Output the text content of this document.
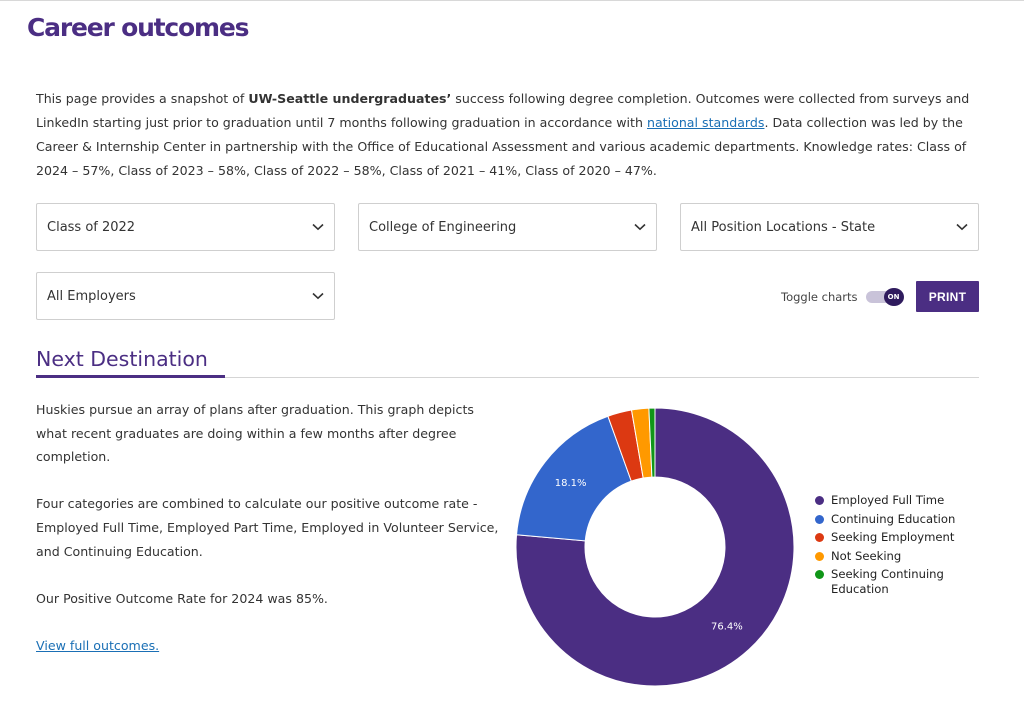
Career outcomes

This page provides a snapshot of UW-Seattle undergraduates’ success following degree completion. Outcomes were collected from surveys and LinkedIn starting just prior to graduation until 7 months following graduation in accordance with national standards. Data collection was led by the Career & Internship Center in partnership with the Office of Educational Assessment and various academic departments. Knowledge rates: Class of 2024 – 57%, Class of 2023 – 58%, Class of 2022 – 58%, Class of 2021 – 41%, Class of 2020 – 47%.

Class of 2022	College of Engineering	All Position Locations - State
All Employers	Toggle charts	ON	PRINT
Next Destination

Huskies pursue an array of plans after graduation. This graph depicts what recent graduates are doing within a few months after degree completion.

Four categories are combined to calculate our positive outcome rate - Employed Full Time, Employed Part Time, Employed in Volunteer Service, and Continuing Education.

Our Positive Outcome Rate for 2024 was 85%.

View full outcomes.

76.4%
18.1%
Employed Full Time
Continuing Education
Seeking Employment
Not Seeking
Seeking Continuing Education
